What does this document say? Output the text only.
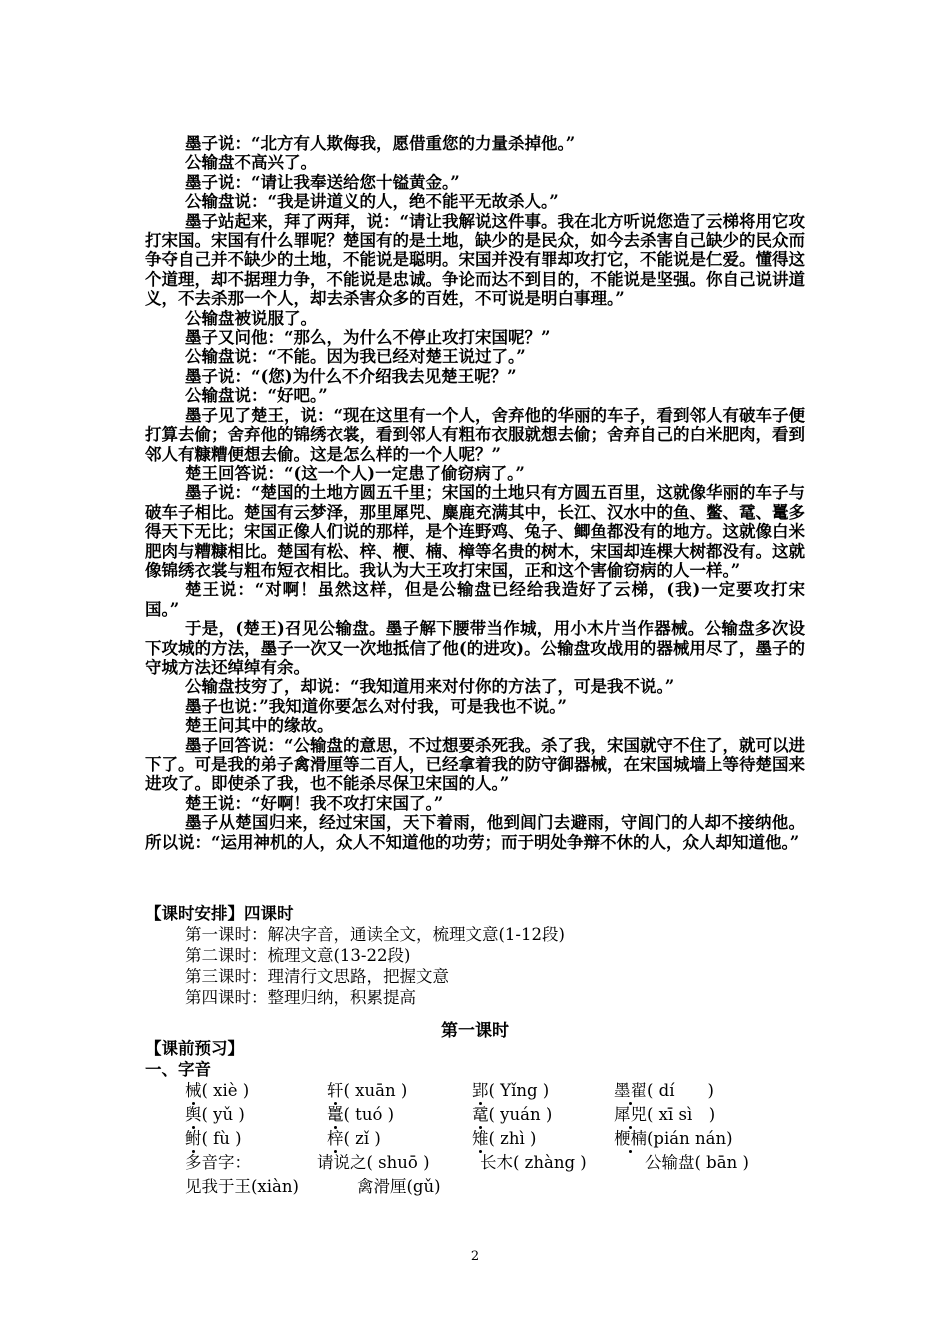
墨子说：“北方有人欺侮我，愿借重您的力量杀掉他。”

公输盘不高兴了。

墨子说：“请让我奉送给您十镒黄金。”

公输盘说：“我是讲道义的人，绝不能平无故杀人。”

墨子站起来，拜了两拜，说：“请让我解说这件事。我在北方听说您造了云梯将用它攻打宋国。宋国有什么罪呢？楚国有的是土地，缺少的是民众，如今去杀害自己缺少的民众而争夺自己并不缺少的土地，不能说是聪明。宋国并没有罪却攻打它，不能说是仁爱。懂得这个道理，却不据理力争，不能说是忠诚。争论而达不到目的，不能说是坚强。你自己说讲道义，不去杀那一个人，却去杀害众多的百姓，不可说是明白事理。”

公输盘被说服了。

墨子又问他：“那么，为什么不停止攻打宋国呢？”

公输盘说：“不能。因为我已经对楚王说过了。”

墨子说：“(您)为什么不介绍我去见楚王呢？”

公输盘说：“好吧。”

墨子见了楚王，说：“现在这里有一个人，舍弃他的华丽的车子，看到邻人有破车子便打算去偷；舍弃他的锦绣衣裳，看到邻人有粗布衣服就想去偷；舍弃自己的白米肥肉，看到邻人有糠糟便想去偷。这是怎么样的一个人呢？”

楚王回答说：“(这一个人)一定患了偷窃病了。”

墨子说：“楚国的土地方圆五千里；宋国的土地只有方圆五百里，这就像华丽的车子与破车子相比。楚国有云梦泽，那里犀兕、麋鹿充满其中，长江、汉水中的鱼、鳖、鼋、鼍多得天下无比；宋国正像人们说的那样，是个连野鸡、兔子、鲫鱼都没有的地方。这就像白米肥肉与糟糠相比。楚国有松、梓、楩、楠、樟等名贵的树木，宋国却连棵大树都没有。这就像锦绣衣裳与粗布短衣相比。我认为大王攻打宋国，正和这个害偷窃病的人一样。”

楚王说：“对啊！虽然这样，但是公输盘已经给我造好了云梯，(我)一定要攻打宋国。”

于是，(楚王)召见公输盘。墨子解下腰带当作城，用小木片当作器械。公输盘多次设下攻城的方法，墨子一次又一次地抵信了他(的进攻)。公输盘攻战用的器械用尽了，墨子的守城方法还绰绰有余。

公输盘技穷了，却说：“我知道用来对付你的方法了，可是我不说。”

墨子也说：”我知道你要怎么对付我，可是我也不说。”

楚王问其中的缘故。

墨子回答说：“公输盘的意思，不过想要杀死我。杀了我，宋国就守不住了，就可以进下了。可是我的弟子禽滑厘等二百人，已经拿着我的防守御器械，在宋国城墙上等待楚国来进攻了。即使杀了我，也不能杀尽保卫宋国的人。”

楚王说：“好啊！我不攻打宋国了。”

墨子从楚国归来，经过宋国，天下着雨，他到闾门去避雨，守闾门的人却不接纳他。所以说：“运用神机的人，众人不知道他的功劳；而于明处争辩不休的人，众人却知道他。”

【课时安排】四课时
第一课时：解决字音，通读全文，梳理文意(1-12段)
第二课时：梳理文意(13-22段)
第三课时：理清行文思路，把握文意
第四课时：整理归纳，积累提高
第一课时
【课前预习】
一、字音
械( xiè )	轩( xuān )	郢( Yǐng )	墨翟( dí　　)
舆( yǔ )	鼍( tuó )	鼋( yuán )	犀兕( xī sì　)
鲋( fù )	梓( zǐ )	雉( zhì )	楩楠(pián nán)
多音字：	请说之( shuō )	长木( zhàng )	公输盘( bān )
见我于王(xiàn)	禽滑厘(gǔ)
2
